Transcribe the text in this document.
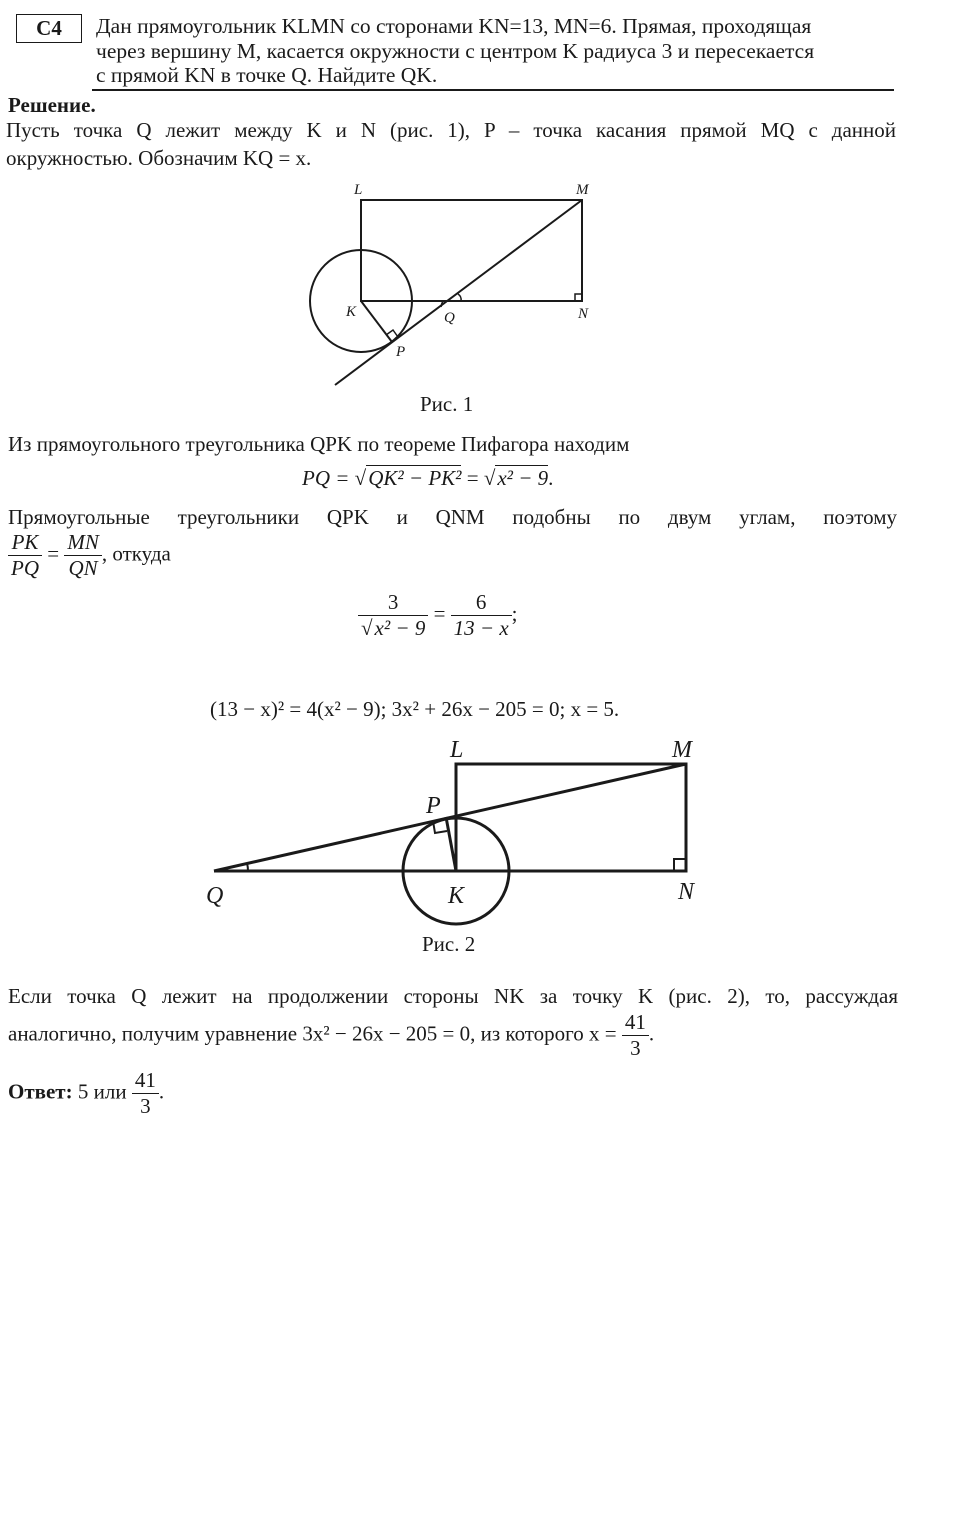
C4	Дан прямоугольник KLMN со сторонами KN=13, MN=6. Прямая, проходящая
через вершину M, касается окружности с центром K радиуса 3 и пересекается
с прямой KN в точке Q. Найдите QK.
Решение.
Пусть точка Q лежит между K и N (рис. 1), P – точка касания прямой MQ с данной
окружностью. Обозначим KQ = x.
L	M
K	N
Q
P
Рис. 1
Из прямоугольного треугольника QPK по теореме Пифагора находим
PQ = √QK² − PK² = √x² − 9.
Прямоугольные треугольники QPK и QNM подобны по двум углам, поэтому
$\frac{PK}{PQ} = \frac{MN}{QN}$ , откуда
$\frac{3}{\text{√x² − 9}} = \frac{6}{13 - x}$ ;
(13 − x)² = 4(x² − 9); 3x² + 26x − 205 = 0; x = 5.
L	M
P
Q	K	N
Рис. 2
Если точка Q лежит на продолжении стороны NK за точку K (рис. 2), то, рассуждая
аналогично, получим уравнение 3x² − 26x − 205 = 0, из которого $x = \frac{41}{3}$ .
Ответ: 5 или $\frac{41}{3}$ .
